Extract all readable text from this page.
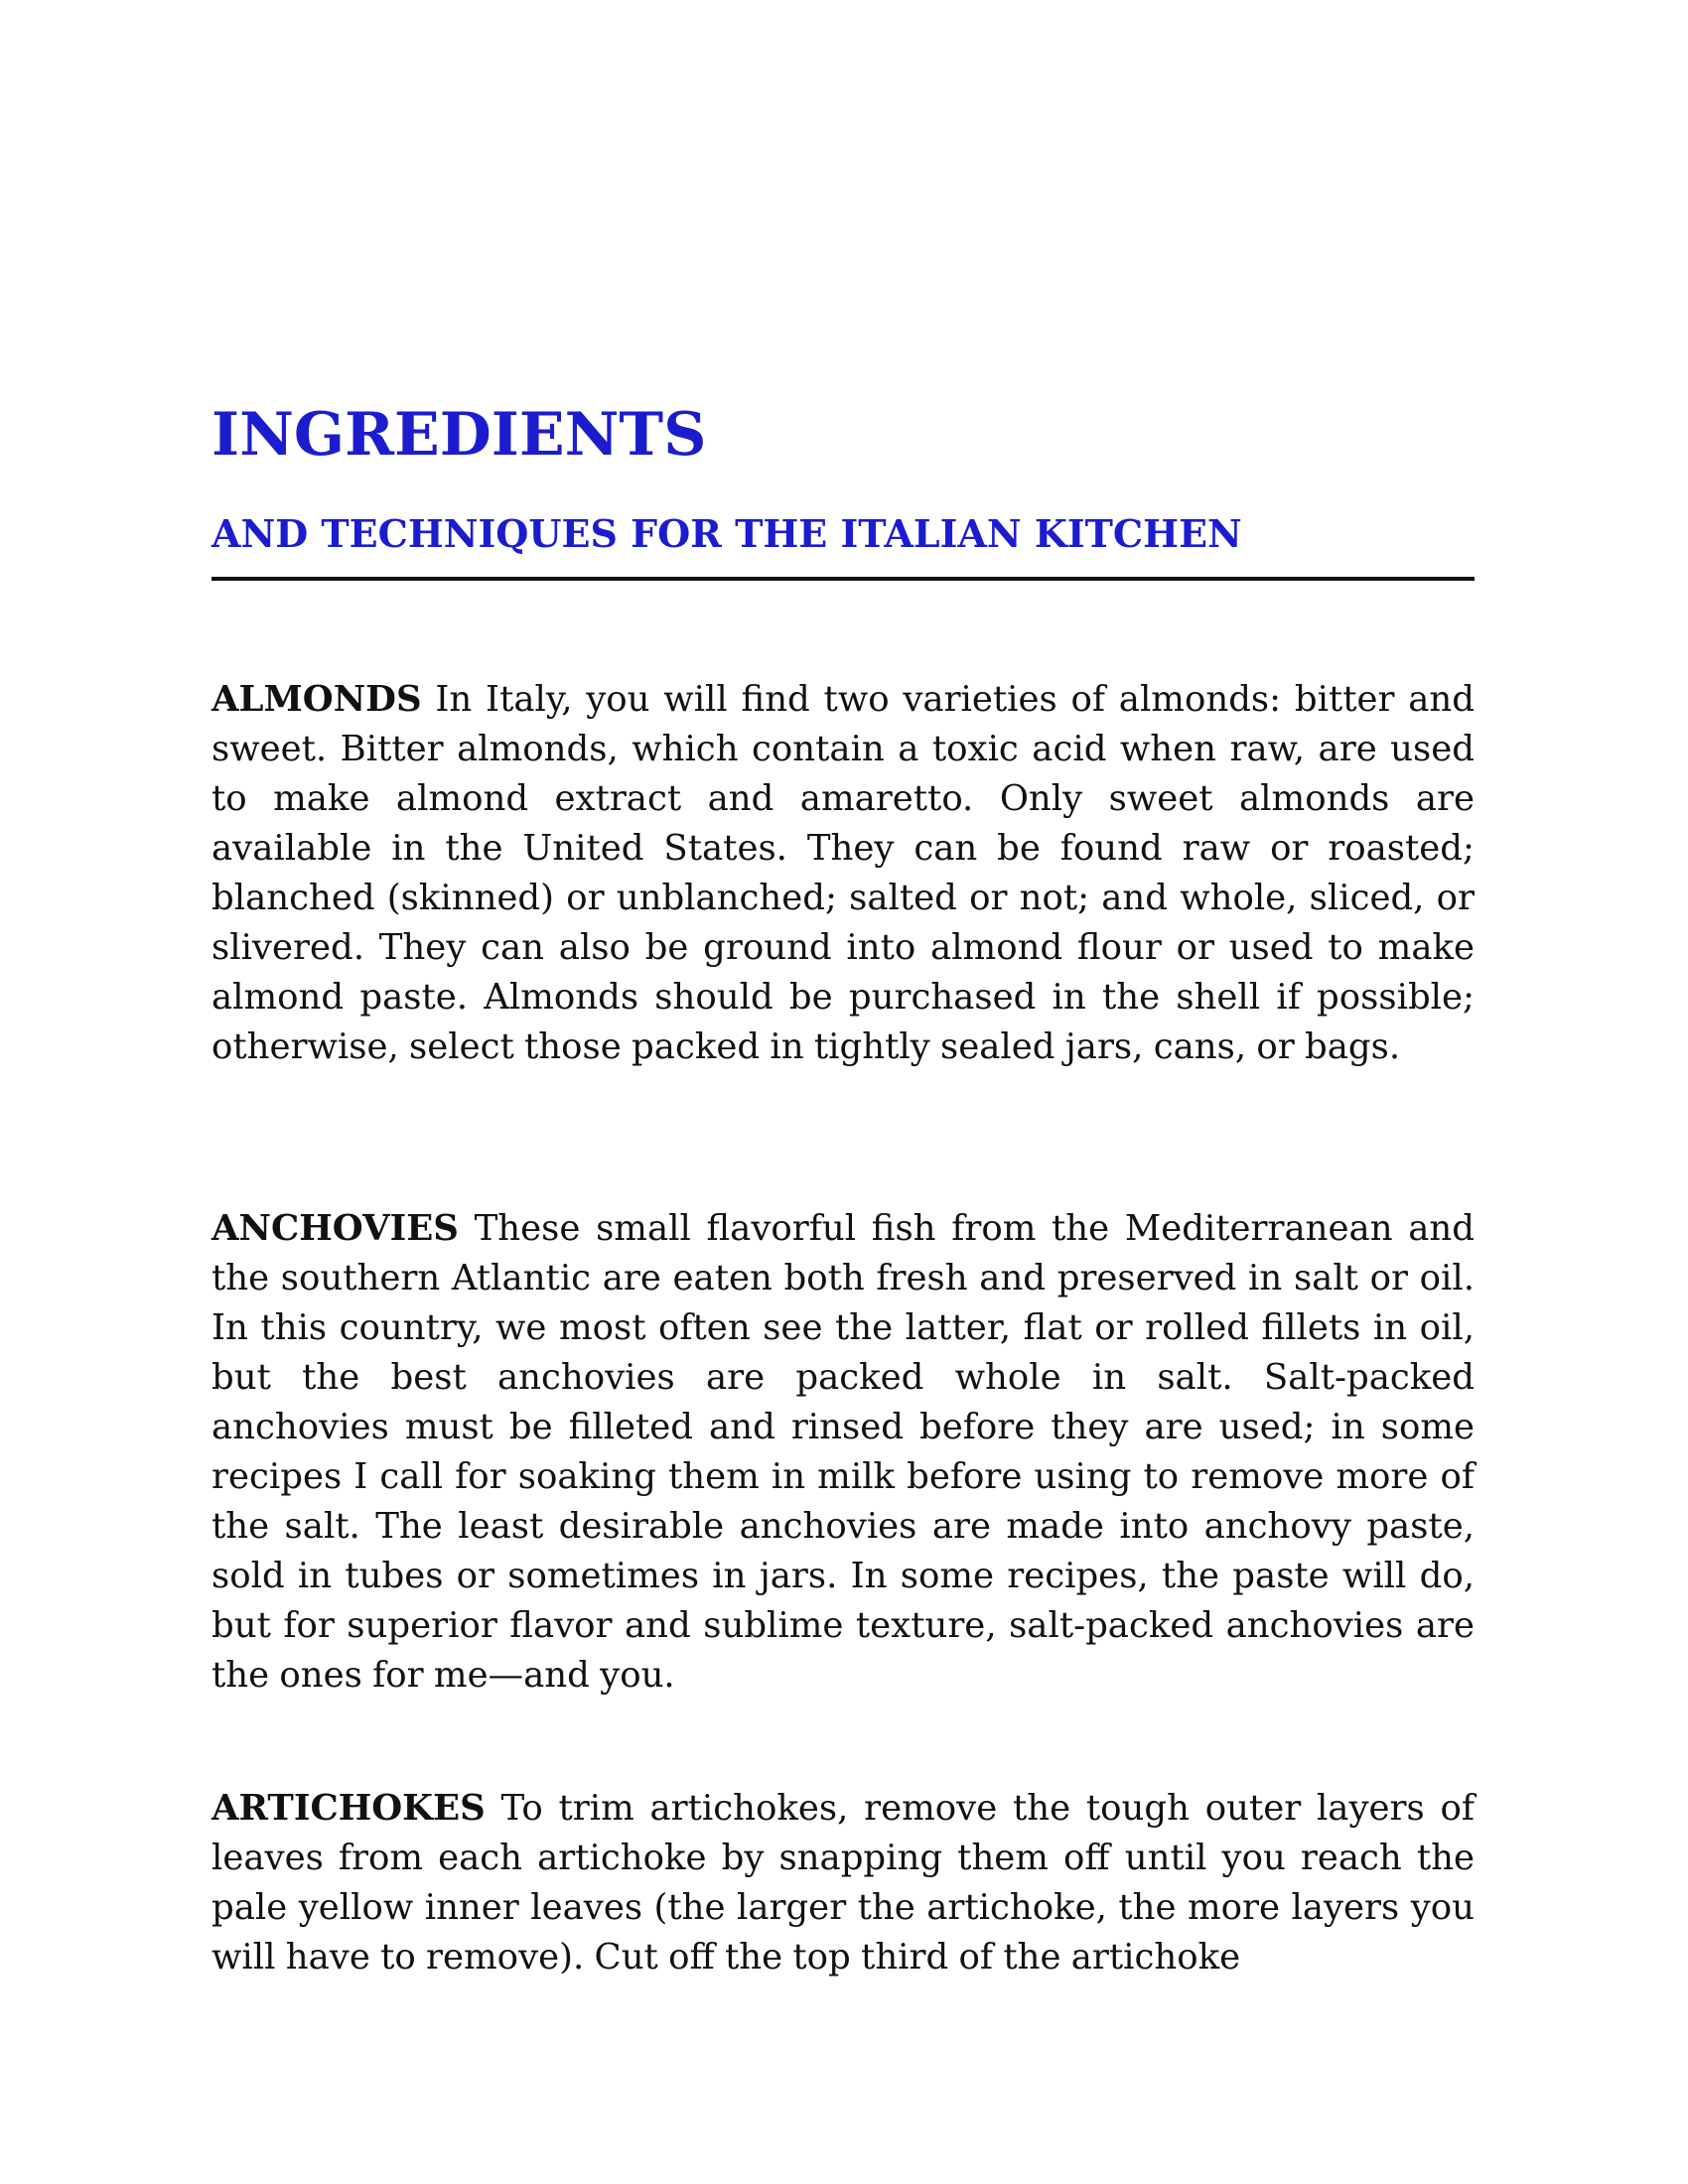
INGREDIENTS
AND TECHNIQUES FOR THE ITALIAN KITCHEN

ALMONDS In Italy, you will find two varieties of almonds: bitter and sweet. Bitter almonds, which contain a toxic acid when raw, are used to make almond extract and amaretto. Only sweet almonds are available in the United States. They can be found raw or roasted; blanched (skinned) or unblanched; salted or not; and whole, sliced, or slivered. They can also be ground into almond flour or used to make almond paste. Almonds should be purchased in the shell if possible; otherwise, select those packed in tightly sealed jars, cans, or bags.

ANCHOVIES These small flavorful fish from the Mediterranean and the southern Atlantic are eaten both fresh and preserved in salt or oil. In this country, we most often see the latter, flat or rolled fillets in oil, but the best anchovies are packed whole in salt. Salt-packed anchovies must be filleted and rinsed before they are used; in some recipes I call for soaking them in milk before using to remove more of the salt. The least desirable anchovies are made into anchovy paste, sold in tubes or sometimes in jars. In some recipes, the paste will do, but for superior flavor and sublime texture, salt-packed anchovies are the ones for me—and you.

ARTICHOKES To trim artichokes, remove the tough outer layers of leaves from each artichoke by snapping them off until you reach the pale yellow inner leaves (the larger the artichoke, the more layers you will have to remove). Cut off the top third of the artichoke
